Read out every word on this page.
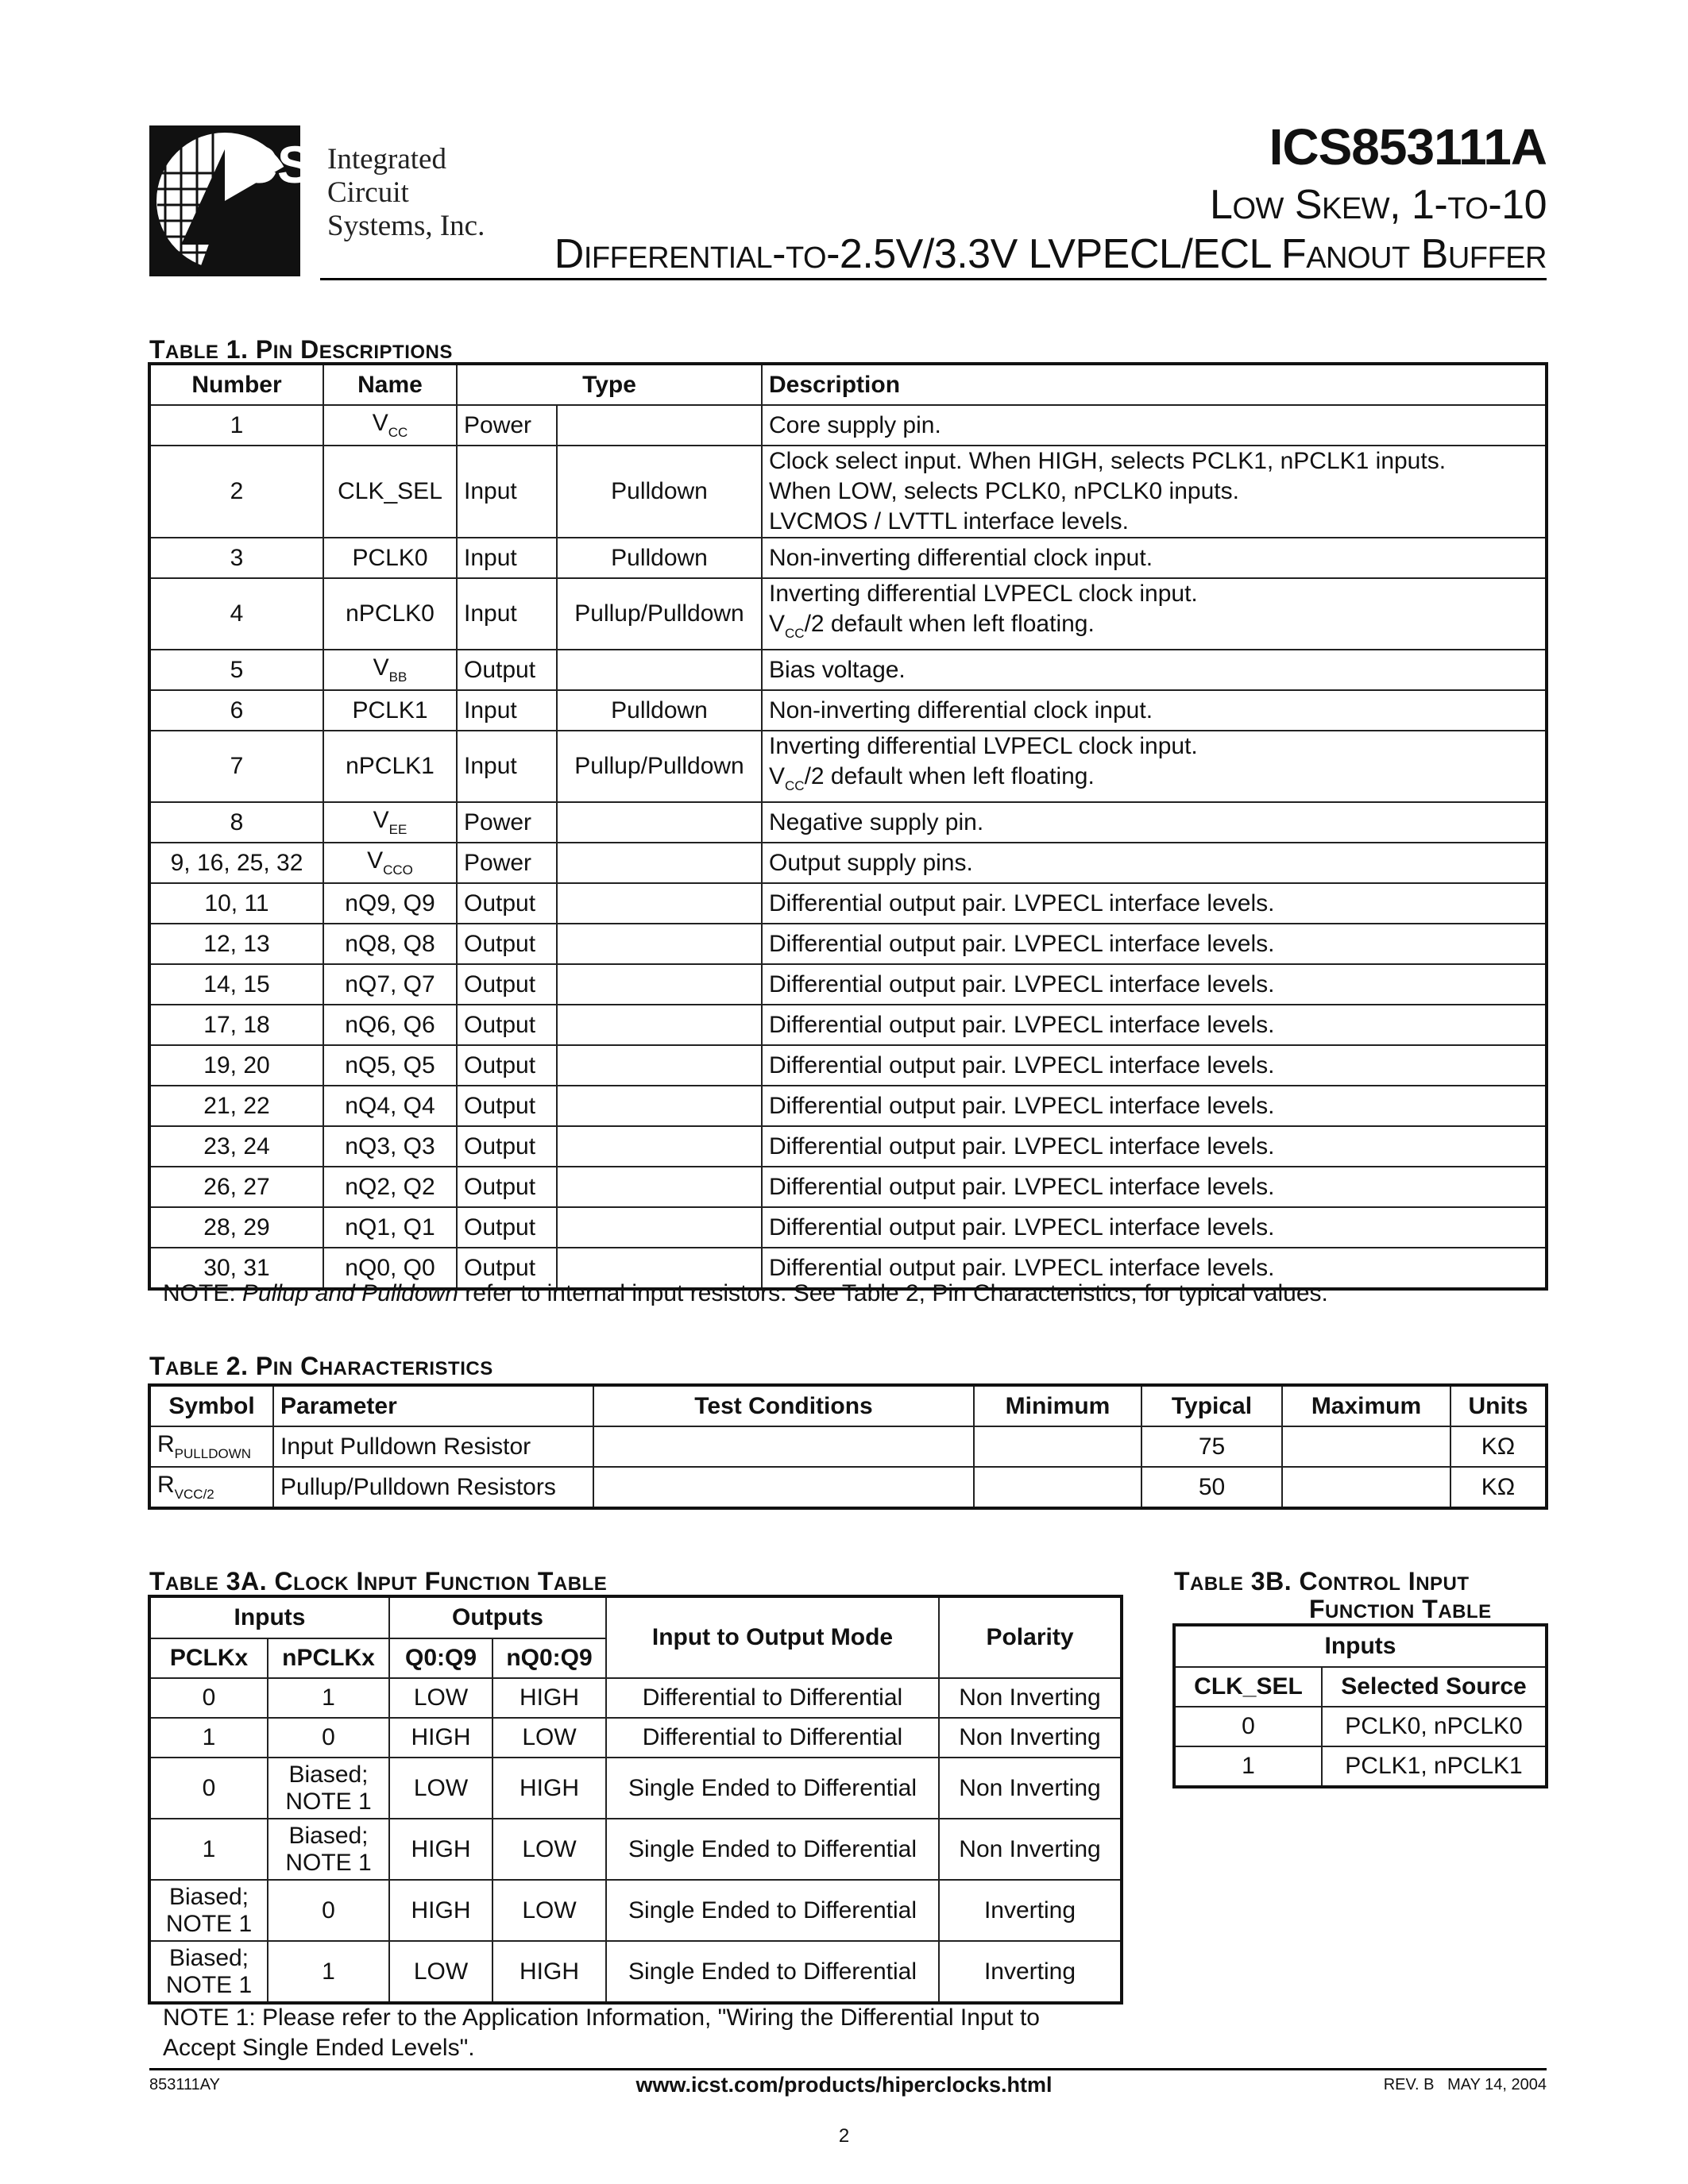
ICS Integrated
Circuit
Systems, Inc.
ICS853111A
LOW SKEW, 1-TO-10
DIFFERENTIAL-TO-2.5V/3.3V LVPECL/ECL FANOUT BUFFER
TABLE 1. PIN DESCRIPTIONS
Number	Name	Type		Description
1	$V_{CC}$	Power		Core supply pin.

2	CLK_SEL	Input	Pulldown	Clock select input. When HIGH, selects PCLK1, nPCLK1 inputs.
When LOW, selects PCLK0, nPCLK0 inputs.
LVCMOS / LVTTL interface levels.

3	PCLK0	Input	Pulldown	Non-inverting differential clock input.

4	nPCLK0	Input	Pullup/Pulldown	Inverting differential LVPECL clock input.
$V_{CC}/2$ default when left floating.

5	$V_{BB}$	Output		Bias voltage.

6	PCLK1	Input	Pulldown	Non-inverting differential clock input.

7	nPCLK1	Input	Pullup/Pulldown	Inverting differential LVPECL clock input.
$V_{CC}/2$ default when left floating.

8	$V_{EE}$	Power		Negative supply pin.

9, 16, 25, 32	$V_{CCO}$	Power		Output supply pins.

10, 11	nQ9, Q9	Output		Differential output pair. LVPECL interface levels.

12, 13	nQ8, Q8	Output		Differential output pair. LVPECL interface levels.

14, 15	nQ7, Q7	Output		Differential output pair. LVPECL interface levels.

17, 18	nQ6, Q6	Output		Differential output pair. LVPECL interface levels.

19, 20	nQ5, Q5	Output		Differential output pair. LVPECL interface levels.

21, 22	nQ4, Q4	Output		Differential output pair. LVPECL interface levels.

23, 24	nQ3, Q3	Output		Differential output pair. LVPECL interface levels.

26, 27	nQ2, Q2	Output		Differential output pair. LVPECL interface levels.

28, 29	nQ1, Q1	Output		Differential output pair. LVPECL interface levels.

30, 31	nQ0, Q0	Output		Differential output pair. LVPECL interface levels.
NOTE: Pullup and Pulldown refer to internal input resistors. See Table 2, Pin Characteristics, for typical values.
TABLE 2. PIN CHARACTERISTICS
Symbol	Parameter	Test Conditions	Minimum	Typical	Maximum	Units
$R_{PULLDOWN}$	Input Pulldown Resistor			75		KΩ
$R_{VCC/2}$	Pullup/Pulldown Resistors			50		KΩ
TABLE 3A. CLOCK INPUT FUNCTION TABLE
Inputs		Outputs		Input to Output Mode	Polarity
PCLKx	nPCLKx	Q0:Q9	nQ0:Q9		
0	1	LOW	HIGH	Differential to Differential	Non Inverting
1	0	HIGH	LOW	Differential to Differential	Non Inverting
0	Biased;
NOTE 1	LOW	HIGH	Single Ended to Differential	Non Inverting
1	Biased;
NOTE 1	HIGH	LOW	Single Ended to Differential	Non Inverting

Biased;
NOTE 1	0	HIGH	LOW	Single Ended to Differential	Inverting

Biased;
NOTE 1	1	LOW	HIGH	Single Ended to Differential	Inverting
NOTE 1: Please refer to the Application Information, "Wiring the Differential Input to
Accept Single Ended Levels".
TABLE 3B. CONTROL INPUT
FUNCTION TABLE
Inputs	
CLK_SEL	Selected Source
0	PCLK0, nPCLK0
1	PCLK1, nPCLK1
853111AY	www.icst.com/products/hiperclocks.html	REV. B   MAY 14, 2004
2
